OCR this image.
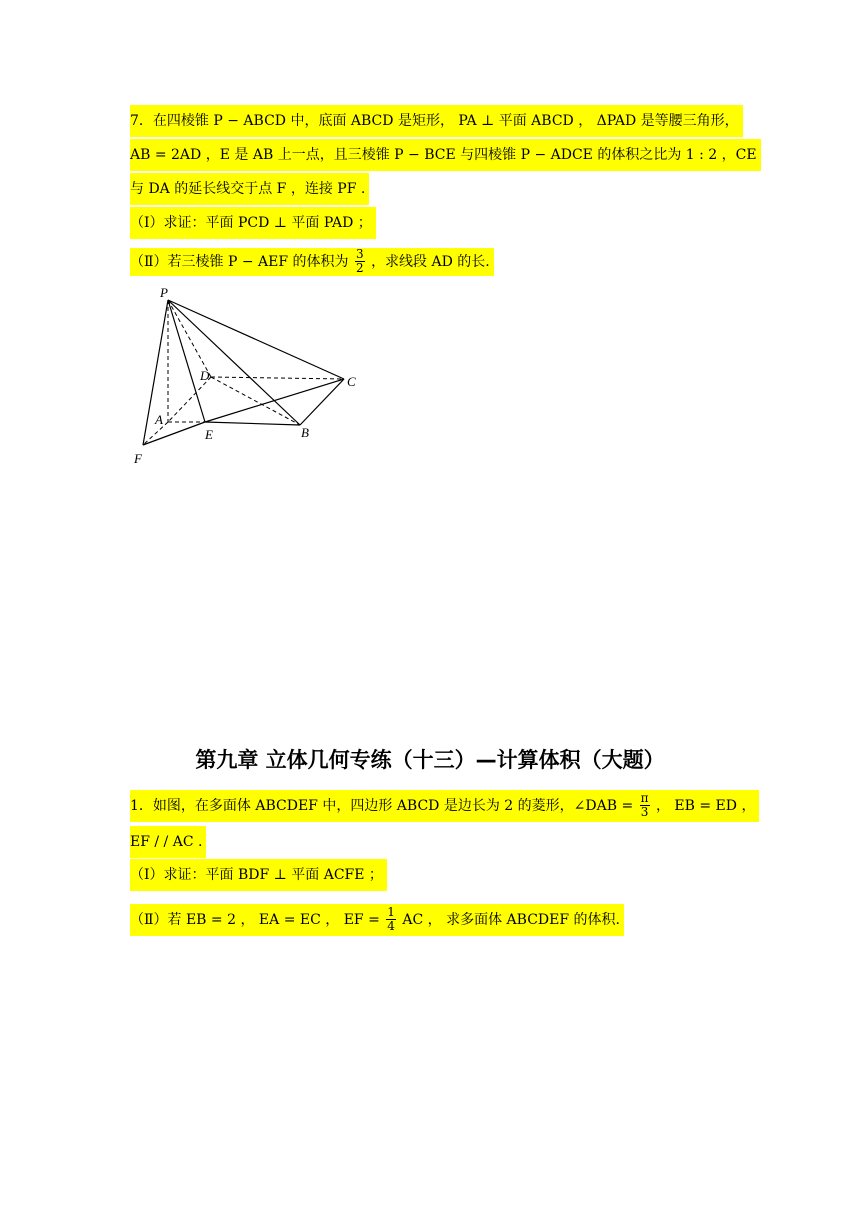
7．在四棱锥 P − ABCD 中，底面 ABCD 是矩形， PA ⊥ 平面 ABCD ， ΔPAD 是等腰三角形，
AB = 2AD ，E 是 AB 上一点，且三棱锥 P − BCE 与四棱锥 P − ADCE 的体积之比为 1 : 2 ，CE
与 DA 的延长线交于点 F ，连接 PF .
（Ⅰ）求证：平面 PCD ⊥ 平面 PAD ；
（Ⅱ）若三棱锥 P − AEF 的体积为 $\frac{3}{2}$ ，求线段 AD 的长.
P
D	C
A
E	B
F
第九章 立体几何专练（十三）—计算体积（大题）
1．如图，在多面体 ABCDEF 中，四边形 ABCD 是边长为 2 的菱形，∠DAB = $\frac{\pi}{3}$ ， EB = ED ，
EF / / AC .
（Ⅰ）求证：平面 BDF ⊥ 平面 ACFE ；
（Ⅱ）若 EB = 2 ， EA = EC ， EF = $\frac{1}{4}$ AC ， 求多面体 ABCDEF 的体积.
